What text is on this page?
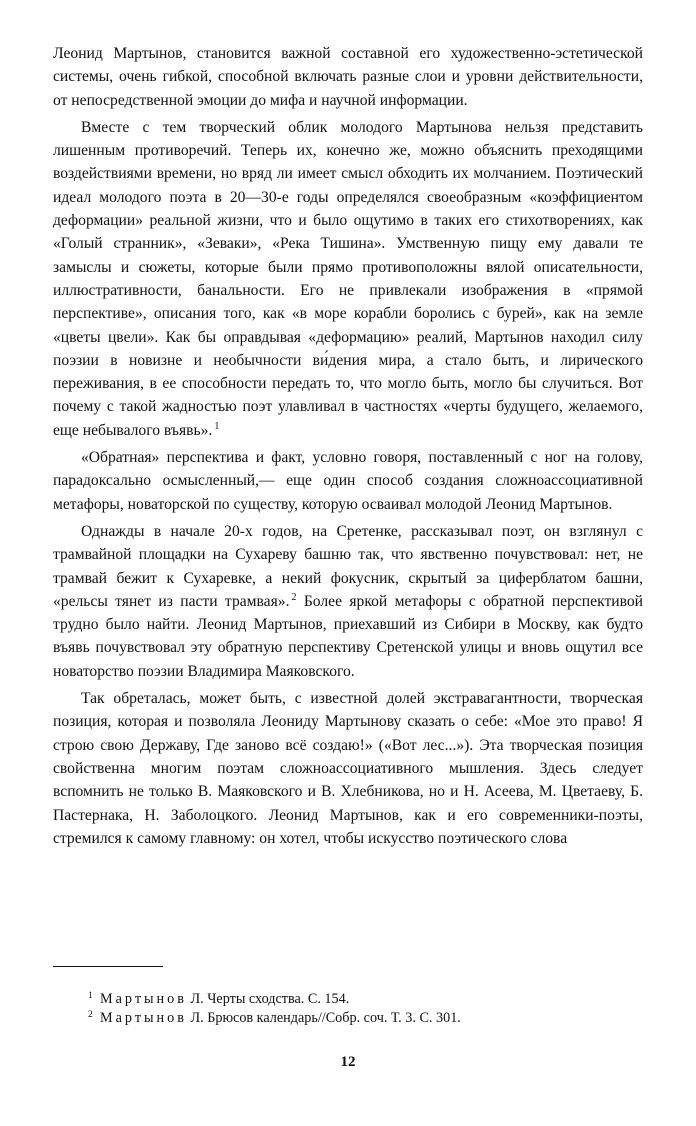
Леонид Мартынов, становится важной составной его художественно-эстетической системы, очень гибкой, способной включать разные слои и уровни действительности, от непосредственной эмоции до мифа и научной информации.

Вместе с тем творческий облик молодого Мартынова нельзя представить лишенным противоречий. Теперь их, конечно же, можно объяснить преходящими воздействиями времени, но вряд ли имеет смысл обходить их молчанием. Поэтический идеал молодого поэта в 20—30-е годы определялся своеобразным «коэффициентом деформации» реальной жизни, что и было ощутимо в таких его стихотворениях, как «Голый странник», «Зеваки», «Река Тишина». Умственную пищу ему давали те замыслы и сюжеты, которые были прямо противоположны вялой описательности, иллюстративности, банальности. Его не привлекали изображения в «прямой перспективе», описания того, как «в море корабли боролись с бурей», как на земле «цветы цвели». Как бы оправдывая «деформацию» реалий, Мартынов находил силу поэзии в новизне и необычности ви́дения мира, а стало быть, и лирического переживания, в ее способности передать то, что могло быть, могло бы случиться. Вот почему с такой жадностью поэт улавливал в частностях «черты будущего, желаемого, еще небывалого въявь». $^1$

«Обратная» перспектива и факт, условно говоря, поставленный с ног на голову, парадоксально осмысленный,— еще один способ создания сложноассоциативной метафоры, новаторской по существу, которую осваивал молодой Леонид Мартынов.

Однажды в начале 20-х годов, на Сретенке, рассказывал поэт, он взглянул с трамвайной площадки на Сухареву башню так, что явственно почувствовал: нет, не трамвай бежит к Сухаревке, а некий фокусник, скрытый за циферблатом башни, «рельсы тянет из пасти трамвая». $^2$ Более яркой метафоры с обратной перспективой трудно было найти. Леонид Мартынов, приехавший из Сибири в Москву, как будто въявь почувствовал эту обратную перспективу Сретенской улицы и вновь ощутил все новаторство поэзии Владимира Маяковского.

Так обреталась, может быть, с известной долей экстравагантности, творческая позиция, которая и позволяла Леониду Мартынову сказать о себе: «Мое это право! Я строю свою Державу, Где заново всё создаю!» («Вот лес...»). Эта творческая позиция свойственна многим поэтам сложноассоциативного мышления. Здесь следует вспомнить не только В. Маяковского и В. Хлебникова, но и Н. Асеева, М. Цветаеву, Б. Пастернака, Н. Заболоцкого. Леонид Мартынов, как и его современники-поэты, стремился к самому главному: он хотел, чтобы искусство поэтического слова

1 Мартынов Л. Черты сходства. С. 154.
2 Мартынов Л. Брюсов календарь//Собр. соч. Т. 3. С. 301.
12
